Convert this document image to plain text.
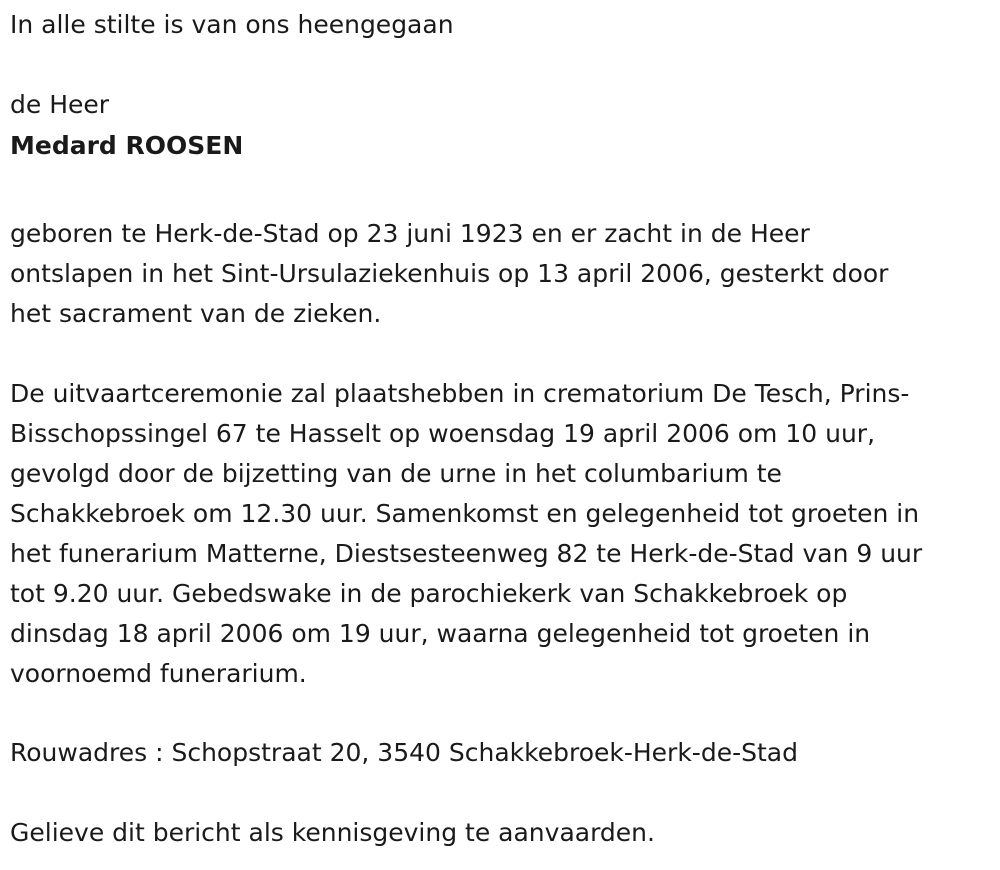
In alle stilte is van ons heengegaan
de Heer
Medard ROOSEN
geboren te Herk-de-Stad op 23 juni 1923 en er zacht in de Heer
ontslapen in het Sint-Ursulaziekenhuis op 13 april 2006, gesterkt door
het sacrament van de zieken.
De uitvaartceremonie zal plaatshebben in crematorium De Tesch, Prins-
Bisschopssingel 67 te Hasselt op woensdag 19 april 2006 om 10 uur,
gevolgd door de bijzetting van de urne in het columbarium te
Schakkebroek om 12.30 uur. Samenkomst en gelegenheid tot groeten in
het funerarium Matterne, Diestsesteenweg 82 te Herk-de-Stad van 9 uur
tot 9.20 uur. Gebedswake in de parochiekerk van Schakkebroek op
dinsdag 18 april 2006 om 19 uur, waarna gelegenheid tot groeten in
voornoemd funerarium.
Rouwadres : Schopstraat 20, 3540 Schakkebroek-Herk-de-Stad
Gelieve dit bericht als kennisgeving te aanvaarden.
